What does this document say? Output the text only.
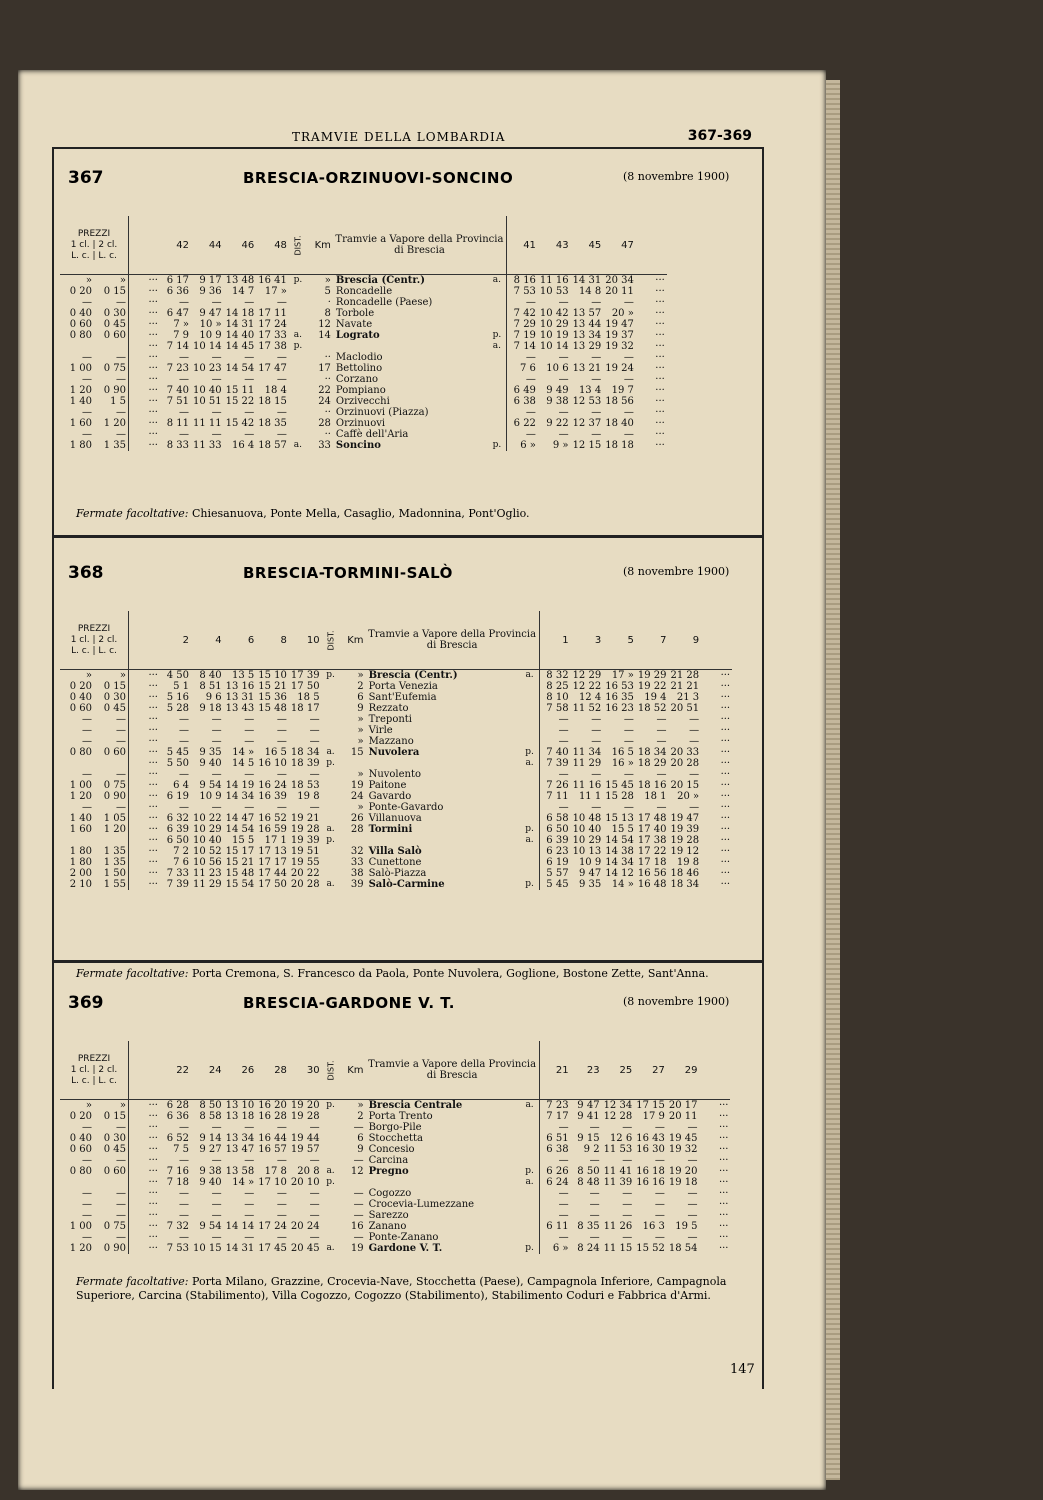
TRAMVIE DELLA LOMBARDIA	367-369
367	BRESCIA-ORZINUOVI-SONCINO	(8 novembre 1900)
PREZZI
1 cl. | 2 cl.
L. c. | L. c.			42	44	46	48	DIST.	Km	Tramvie a Vapore della Provincia di Brescia		41	43	45	47	
»	»	···	6 17	9 17	13 48	16 41	p.	»	Brescia (Centr.)	a.	8 16	11 16	14 31	20 34	···
0 20	0 15	···	6 36	9 36	14 7	17 »		5	Roncadelle		7 53	10 53	14 8	20 11	···
—	—	···	—	—	—	—		·	Roncadelle (Paese)		—	—	—	—	···
0 40	0 30	···	6 47	9 47	14 18	17 11		8	Torbole		7 42	10 42	13 57	20 »	···
0 60	0 45	···	7 »	10 »	14 31	17 24		12	Navate		7 29	10 29	13 44	19 47	···
0 80	0 60	···	7 9	10 9	14 40	17 33	a.	14	Lograto	p.	7 19	10 19	13 34	19 37	···
		···	7 14	10 14	14 45	17 38	p.			a.	7 14	10 14	13 29	19 32	···
—	—	···	—	—	—	—		··	Maclodio		—	—	—	—	···
1 00	0 75	···	7 23	10 23	14 54	17 47		17	Bettolino		7 6	10 6	13 21	19 24	···
—	—	···	—	—	—	—		··	Corzano		—	—	—	—	···
1 20	0 90	···	7 40	10 40	15 11	18 4		22	Pompiano		6 49	9 49	13 4	19 7	···
1 40	1 5	···	7 51	10 51	15 22	18 15		24	Orzivecchi		6 38	9 38	12 53	18 56	···
—	—	···	—	—	—	—		··	Orzinuovi (Piazza)		—	—	—	—	···
1 60	1 20	···	8 11	11 11	15 42	18 35		28	Orzinuovi		6 22	9 22	12 37	18 40	···
—	—	···	—	—	—	—		··	Caffè dell'Aria		—	—	—	—	···
1 80	1 35	···	8 33	11 33	16 4	18 57	a.	33	Soncino	p.	6 »	9 »	12 15	18 18	···
Fermate facoltative: Chiesanuova, Ponte Mella, Casaglio, Madonnina, Pont'Oglio.
368	BRESCIA-TORMINI-SALÒ	(8 novembre 1900)
PREZZI
1 cl. | 2 cl.
L. c. | L. c.			2	4	6	8	10	DIST.	Km	Tramvie a Vapore della Provincia di Brescia		1	3	5	7	9	
»	»	···	4 50	8 40	13 5	15 10	17 39	p.	»	Brescia (Centr.)	a.	8 32	12 29	17 »	19 29	21 28	···
0 20	0 15	···	5 1	8 51	13 16	15 21	17 50		2	Porta Venezia		8 25	12 22	16 53	19 22	21 21	···
0 40	0 30	···	5 16	9 6	13 31	15 36	18 5		6	Sant'Eufemia		8 10	12 4	16 35	19 4	21 3	···
0 60	0 45	···	5 28	9 18	13 43	15 48	18 17		9	Rezzato		7 58	11 52	16 23	18 52	20 51	···
—	—	···	—	—	—	—	—		»	Treponti		—	—	—	—	—	···
—	—	···	—	—	—	—	—		»	Virle		—	—	—	—	—	···
—	—	···	—	—	—	—	—		»	Mazzano		—	—	—	—	—	···
0 80	0 60	···	5 45	9 35	14 »	16 5	18 34	a.	15	Nuvolera	p.	7 40	11 34	16 5	18 34	20 33	···
		···	5 50	9 40	14 5	16 10	18 39	p.			a.	7 39	11 29	16 »	18 29	20 28	···
—	—	···	—	—	—	—	—		»	Nuvolento		—	—	—	—	—	···
1 00	0 75	···	6 4	9 54	14 19	16 24	18 53		19	Paitone		7 26	11 16	15 45	18 16	20 15	···
1 20	0 90	···	6 19	10 9	14 34	16 39	19 8		24	Gavardo		7 11	11 1	15 28	18 1	20 »	···
—	—	···	—	—	—	—	—		»	Ponte-Gavardo		—	—	—	—	—	···
1 40	1 05	···	6 32	10 22	14 47	16 52	19 21		26	Villanuova		6 58	10 48	15 13	17 48	19 47	···
1 60	1 20	···	6 39	10 29	14 54	16 59	19 28	a.	28	Tormini	p.	6 50	10 40	15 5	17 40	19 39	···
		···	6 50	10 40	15 5	17 1	19 39	p.			a.	6 39	10 29	14 54	17 38	19 28	···
1 80	1 35	···	7 2	10 52	15 17	17 13	19 51		32	Villa Salò		6 23	10 13	14 38	17 22	19 12	···
1 80	1 35	···	7 6	10 56	15 21	17 17	19 55		33	Cunettone		6 19	10 9	14 34	17 18	19 8	···
2 00	1 50	···	7 33	11 23	15 48	17 44	20 22		38	Salò-Piazza		5 57	9 47	14 12	16 56	18 46	···
2 10	1 55	···	7 39	11 29	15 54	17 50	20 28	a.	39	Salò-Carmine	p.	5 45	9 35	14 »	16 48	18 34	···
Fermate facoltative: Porta Cremona, S. Francesco da Paola, Ponte Nuvolera, Goglione, Bostone Zette, Sant'Anna.
369	BRESCIA-GARDONE V. T.	(8 novembre 1900)
PREZZI
1 cl. | 2 cl.
L. c. | L. c.			22	24	26	28	30	DIST.	Km	Tramvie a Vapore della Provincia di Brescia		21	23	25	27	29	
»	»	···	6 28	8 50	13 10	16 20	19 20	p.	»	Brescia Centrale	a.	7 23	9 47	12 34	17 15	20 17	···
0 20	0 15	···	6 36	8 58	13 18	16 28	19 28		2	Porta Trento		7 17	9 41	12 28	17 9	20 11	···
—	—	···	—	—	—	—	—		—	Borgo-Pile		—	—	—	—	—	···
0 40	0 30	···	6 52	9 14	13 34	16 44	19 44		6	Stocchetta		6 51	9 15	12 6	16 43	19 45	···
0 60	0 45	···	7 5	9 27	13 47	16 57	19 57		9	Concesio		6 38	9 2	11 53	16 30	19 32	···
—	—	···	—	—	—	—	—		—	Carcina		—	—	—	—	—	···
0 80	0 60	···	7 16	9 38	13 58	17 8	20 8	a.	12	Pregno	p.	6 26	8 50	11 41	16 18	19 20	···
		···	7 18	9 40	14 »	17 10	20 10	p.			a.	6 24	8 48	11 39	16 16	19 18	···
—	—	···	—	—	—	—	—		—	Cogozzo		—	—	—	—	—	···
—	—	···	—	—	—	—	—		—	Crocevia-Lumezzane		—	—	—	—	—	···
—	—	···	—	—	—	—	—		—	Sarezzo		—	—	—	—	—	···
1 00	0 75	···	7 32	9 54	14 14	17 24	20 24		16	Zanano		6 11	8 35	11 26	16 3	19 5	···
—	—	···	—	—	—	—	—		—	Ponte-Zanano		—	—	—	—	—	···
1 20	0 90	···	7 53	10 15	14 31	17 45	20 45	a.	19	Gardone V. T.	p.	6 »	8 24	11 15	15 52	18 54	···
Fermate facoltative: Porta Milano, Grazzine, Crocevia-Nave, Stocchetta (Paese), Campagnola Inferiore, Campagnola Superiore, Carcina (Stabilimento), Villa Cogozzo, Cogozzo (Stabilimento), Stabilimento Coduri e Fabbrica d'Armi.
147
